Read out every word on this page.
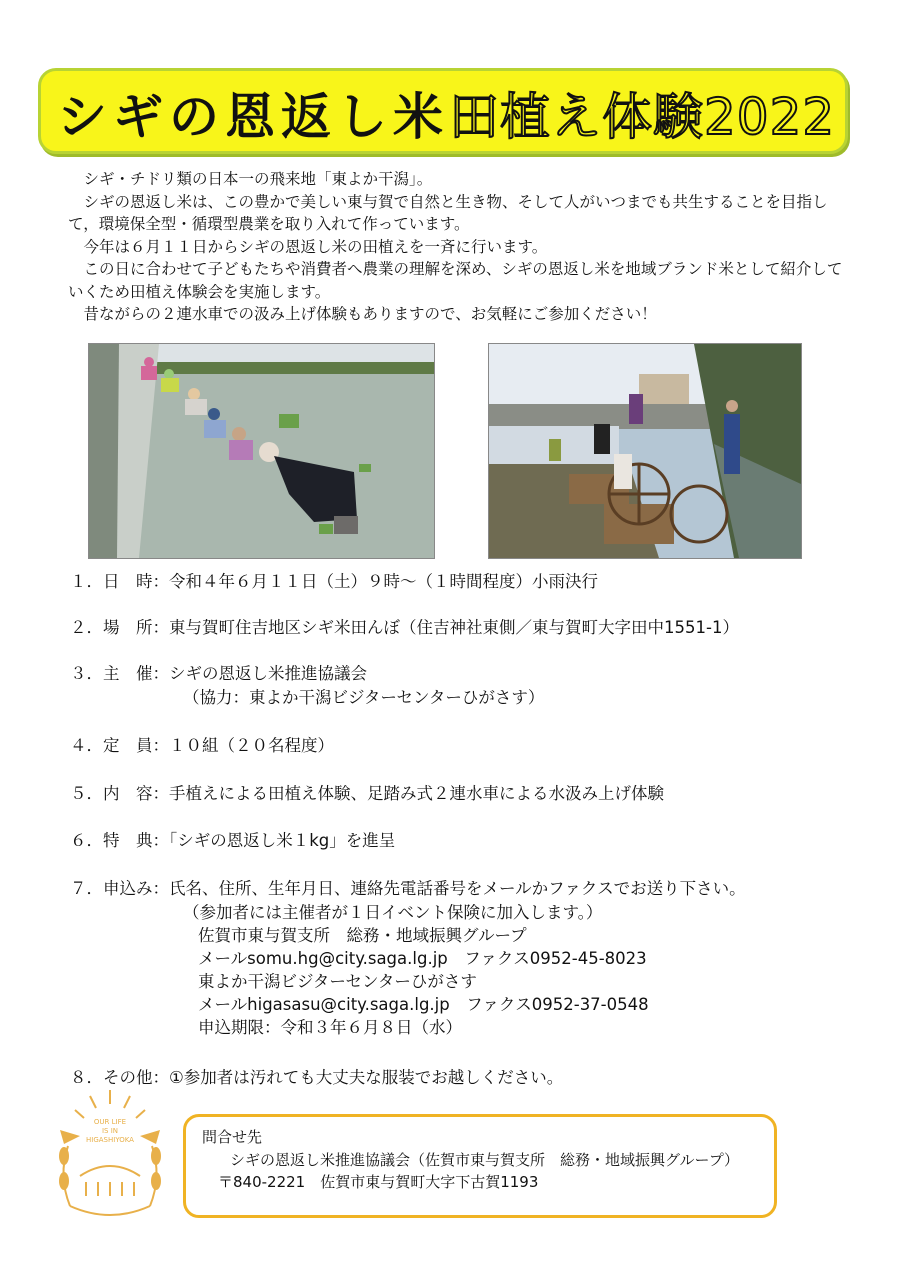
シギの恩返し米 田植え体験2022

　シギ・チドリ類の日本一の飛来地「東よか干潟」。

　シギの恩返し米は、この豊かで美しい東与賀で自然と生き物、そして人がいつまでも共生することを目指して，環境保全型・循環型農業を取り入れて作っています。

　今年は６月１１日からシギの恩返し米の田植えを一斉に行います。

　この日に合わせて子どもたちや消費者へ農業の理解を深め、シギの恩返し米を地域ブランド米として紹介していくため田植え体験会を実施します。

　昔ながらの２連水車での汲み上げ体験もありますので、お気軽にご参加ください！

１．日　時：令和４年６月１１日（土）９時～（１時間程度）小雨決行
２．場　所：東与賀町住吉地区シギ米田んぼ（住吉神社東側／東与賀町大字田中1551-1）
３．主　催：シギの恩返し米推進協議会
（協力：東よか干潟ビジターセンターひがさす）
４．定　員：１０組（２０名程度）
５．内　容：手植えによる田植え体験、足踏み式２連水車による水汲み上げ体験
６．特　典：「シギの恩返し米１kg」を進呈
７．申込み：氏名、住所、生年月日、連絡先電話番号をメールかファクスでお送り下さい。
（参加者には主催者が１日イベント保険に加入します。）
佐賀市東与賀支所　総務・地域振興グループ
メールsomu.hg@city.saga.lg.jp　ファクス0952-45-8023
東よか干潟ビジターセンターひがさす
メールhigasasu@city.saga.lg.jp　ファクス0952-37-0548
申込期限：令和３年６月８日（水）
８．その他：①参加者は汚れても大丈夫な服装でお越しください。
OUR LIFE
IS IN
HIGASHIYOKA	問合せ先
シギの恩返し米推進協議会（佐賀市東与賀支所　総務・地域振興グループ）
〒840-2221　佐賀市東与賀町大字下古賀1193
